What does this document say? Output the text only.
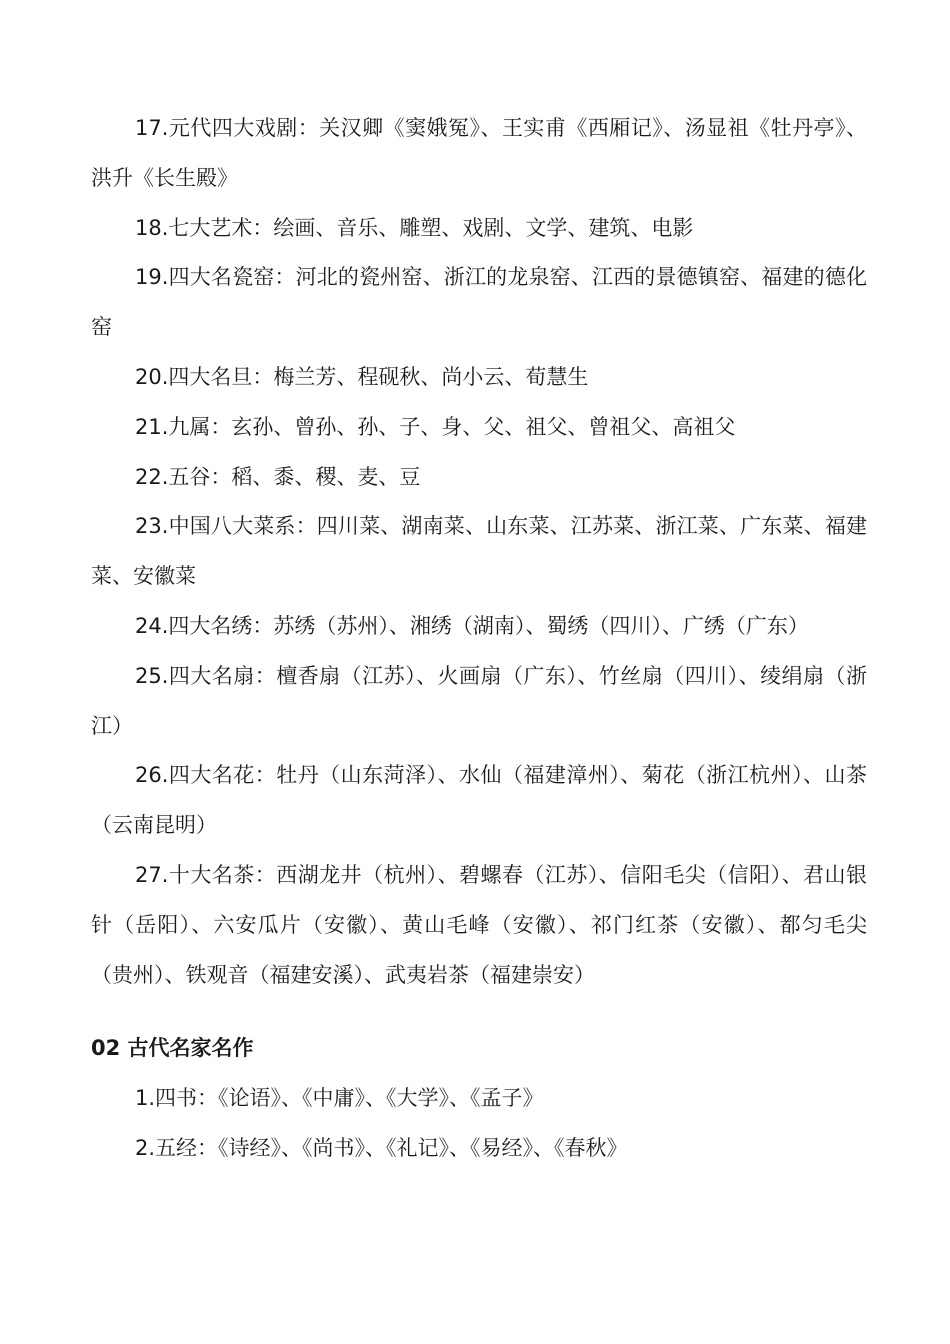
17.元代四大戏剧：关汉卿《窦娥冤》、王实甫《西厢记》、汤显祖《牡丹亭》、洪升《长生殿》

18.七大艺术：绘画、音乐、雕塑、戏剧、文学、建筑、电影

19.四大名瓷窑：河北的瓷州窑、浙江的龙泉窑、江西的景德镇窑、福建的德化窑

20.四大名旦：梅兰芳、程砚秋、尚小云、荀慧生

21.九属：玄孙、曾孙、孙、子、身、父、祖父、曾祖父、高祖父

22.五谷：稻、黍、稷、麦、豆

23.中国八大菜系：四川菜、湖南菜、山东菜、江苏菜、浙江菜、广东菜、福建菜、安徽菜

24.四大名绣：苏绣（苏州）、湘绣（湖南）、蜀绣（四川）、广绣（广东）

25.四大名扇：檀香扇（江苏）、火画扇（广东）、竹丝扇（四川）、绫绢扇（浙江）

26.四大名花：牡丹（山东菏泽）、水仙（福建漳州）、菊花（浙江杭州）、山茶（云南昆明）

27.十大名茶：西湖龙井（杭州）、碧螺春（江苏）、信阳毛尖（信阳）、君山银针（岳阳）、六安瓜片（安徽）、黄山毛峰（安徽）、祁门红茶（安徽）、都匀毛尖（贵州）、铁观音（福建安溪）、武夷岩茶（福建崇安）

02 古代名家名作

1.四书：《论语》、《中庸》、《大学》、《孟子》

2.五经：《诗经》、《尚书》、《礼记》、《易经》、《春秋》
